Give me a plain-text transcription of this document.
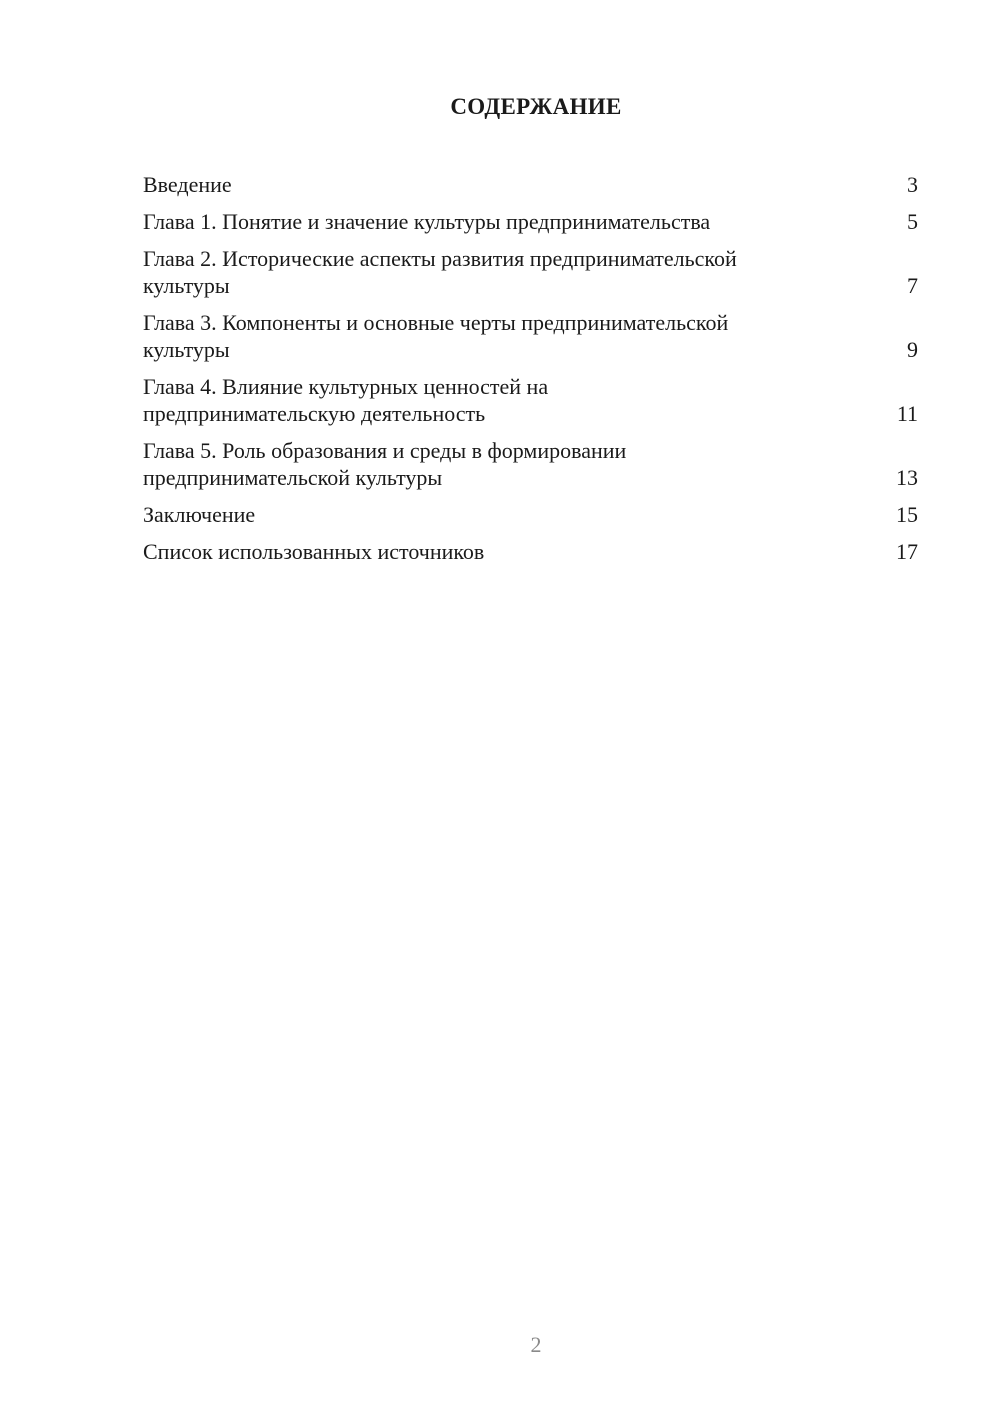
СОДЕРЖАНИЕ
Введение	3
Глава 1. Понятие и значение культуры предпринимательства	5
Глава 2. Исторические аспекты развития предпринимательской
культуры	7
Глава 3. Компоненты и основные черты предпринимательской
культуры	9
Глава 4. Влияние культурных ценностей на
предпринимательскую деятельность	11
Глава 5. Роль образования и среды в формировании
предпринимательской культуры	13
Заключение	15
Список использованных источников	17
2
